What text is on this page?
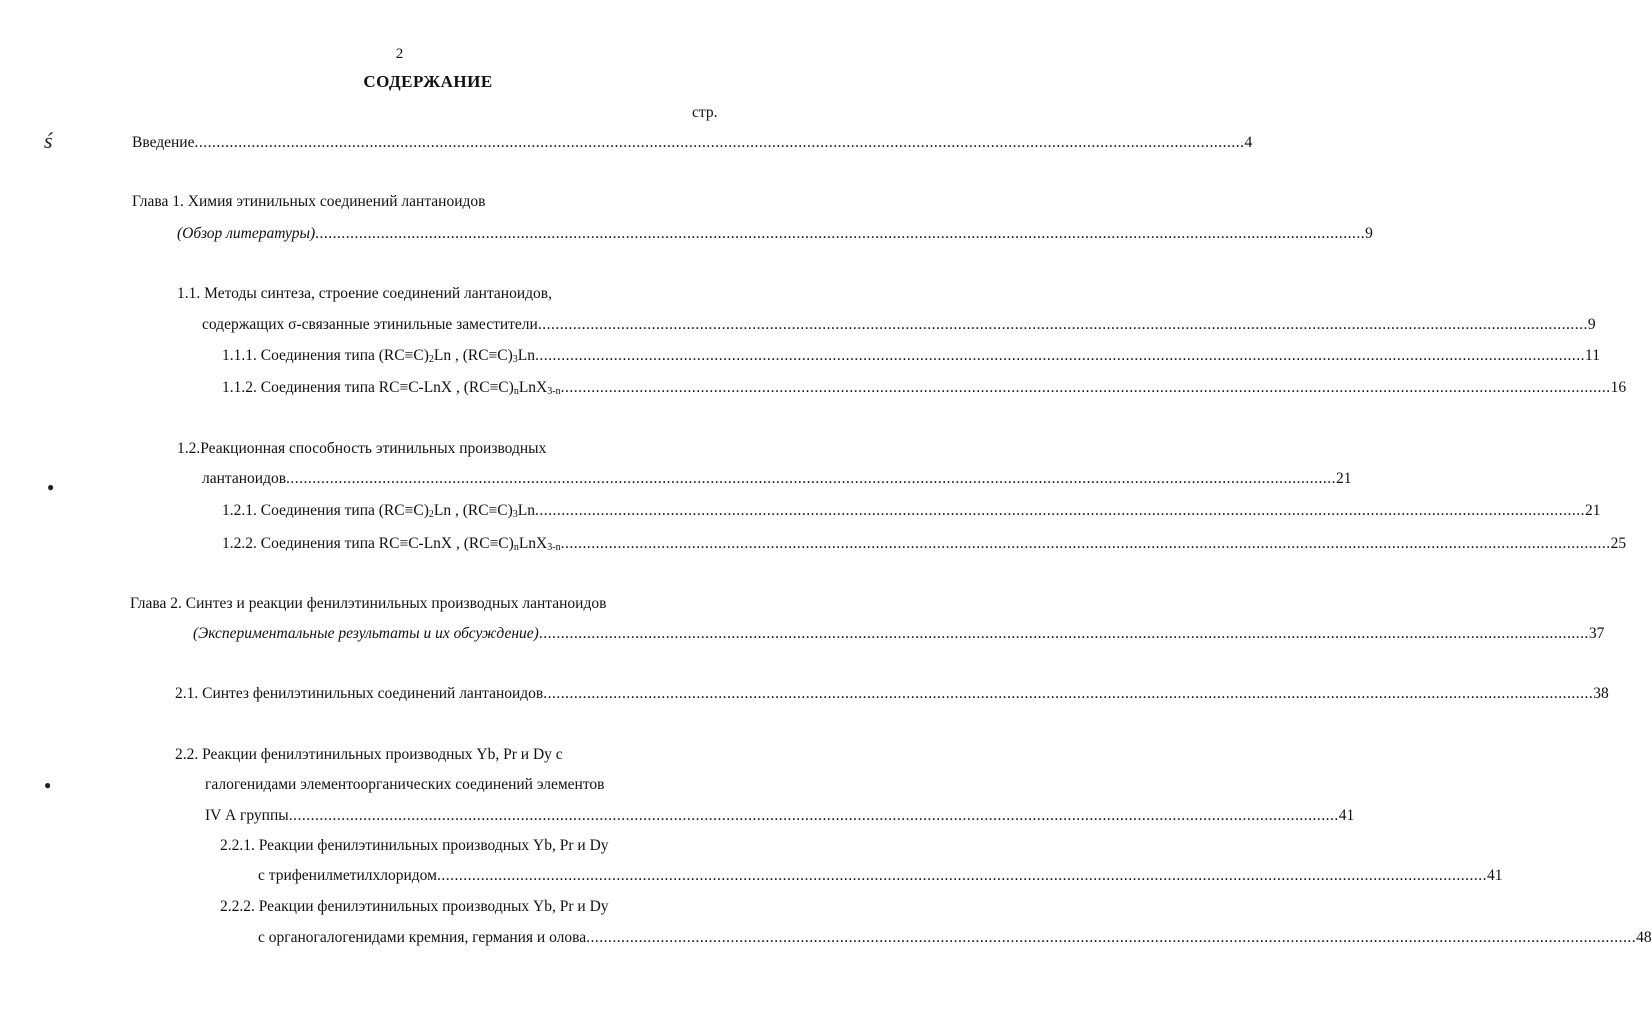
2
СОДЕРЖАНИЕ
стр.
ś
●
●
Введение ................................................................................................................................................................................................................................................ 4
Глава 1. Химия этинильных соединений лантаноидов
(Обзор литературы) ................................................................................................................................................................................................................................................ 9
1.1. Методы синтеза, строение соединений лантаноидов,
содержащих σ-связанные этинильные заместители ................................................................................................................................................................................................................................................ 9
1.1.1. Соединения типа $(RC\equiv C)_2Ln$ , $(RC\equiv C)_3Ln$ ................................................................................................................................................................................................................................................ 11
1.1.2. Соединения типа RC≡C-LnX , $(RC\equiv C)_nLnX_{3-n}$ ................................................................................................................................................................................................................................................ 16
1.2.Реакционная способность этинильных производных
лантаноидов ................................................................................................................................................................................................................................................ 21
1.2.1. Соединения типа $(RC\equiv C)_2Ln$ , $(RC\equiv C)_3Ln$ ................................................................................................................................................................................................................................................ 21
1.2.2. Соединения типа RC≡C-LnX , $(RC\equiv C)_nLnX_{3-n}$ ................................................................................................................................................................................................................................................ 25
Глава 2. Синтез и реакции фенилэтинильных производных лантаноидов
(Экспериментальные результаты и их обсуждение) ................................................................................................................................................................................................................................................ 37
2.1. Синтез фенилэтинильных соединений лантаноидов ................................................................................................................................................................................................................................................ 38
2.2. Реакции фенилэтинильных производных Yb, Pr и Dy с
галогенидами элементоорганических соединений элементов
IV А группы ................................................................................................................................................................................................................................................ 41
2.2.1. Реакции фенилэтинильных производных Yb, Pr и Dy
с трифенилметилхлоридом ................................................................................................................................................................................................................................................ 41
2.2.2. Реакции фенилэтинильных производных Yb, Pr и Dy
с органогалогенидами кремния, германия и олова ................................................................................................................................................................................................................................................ 48
